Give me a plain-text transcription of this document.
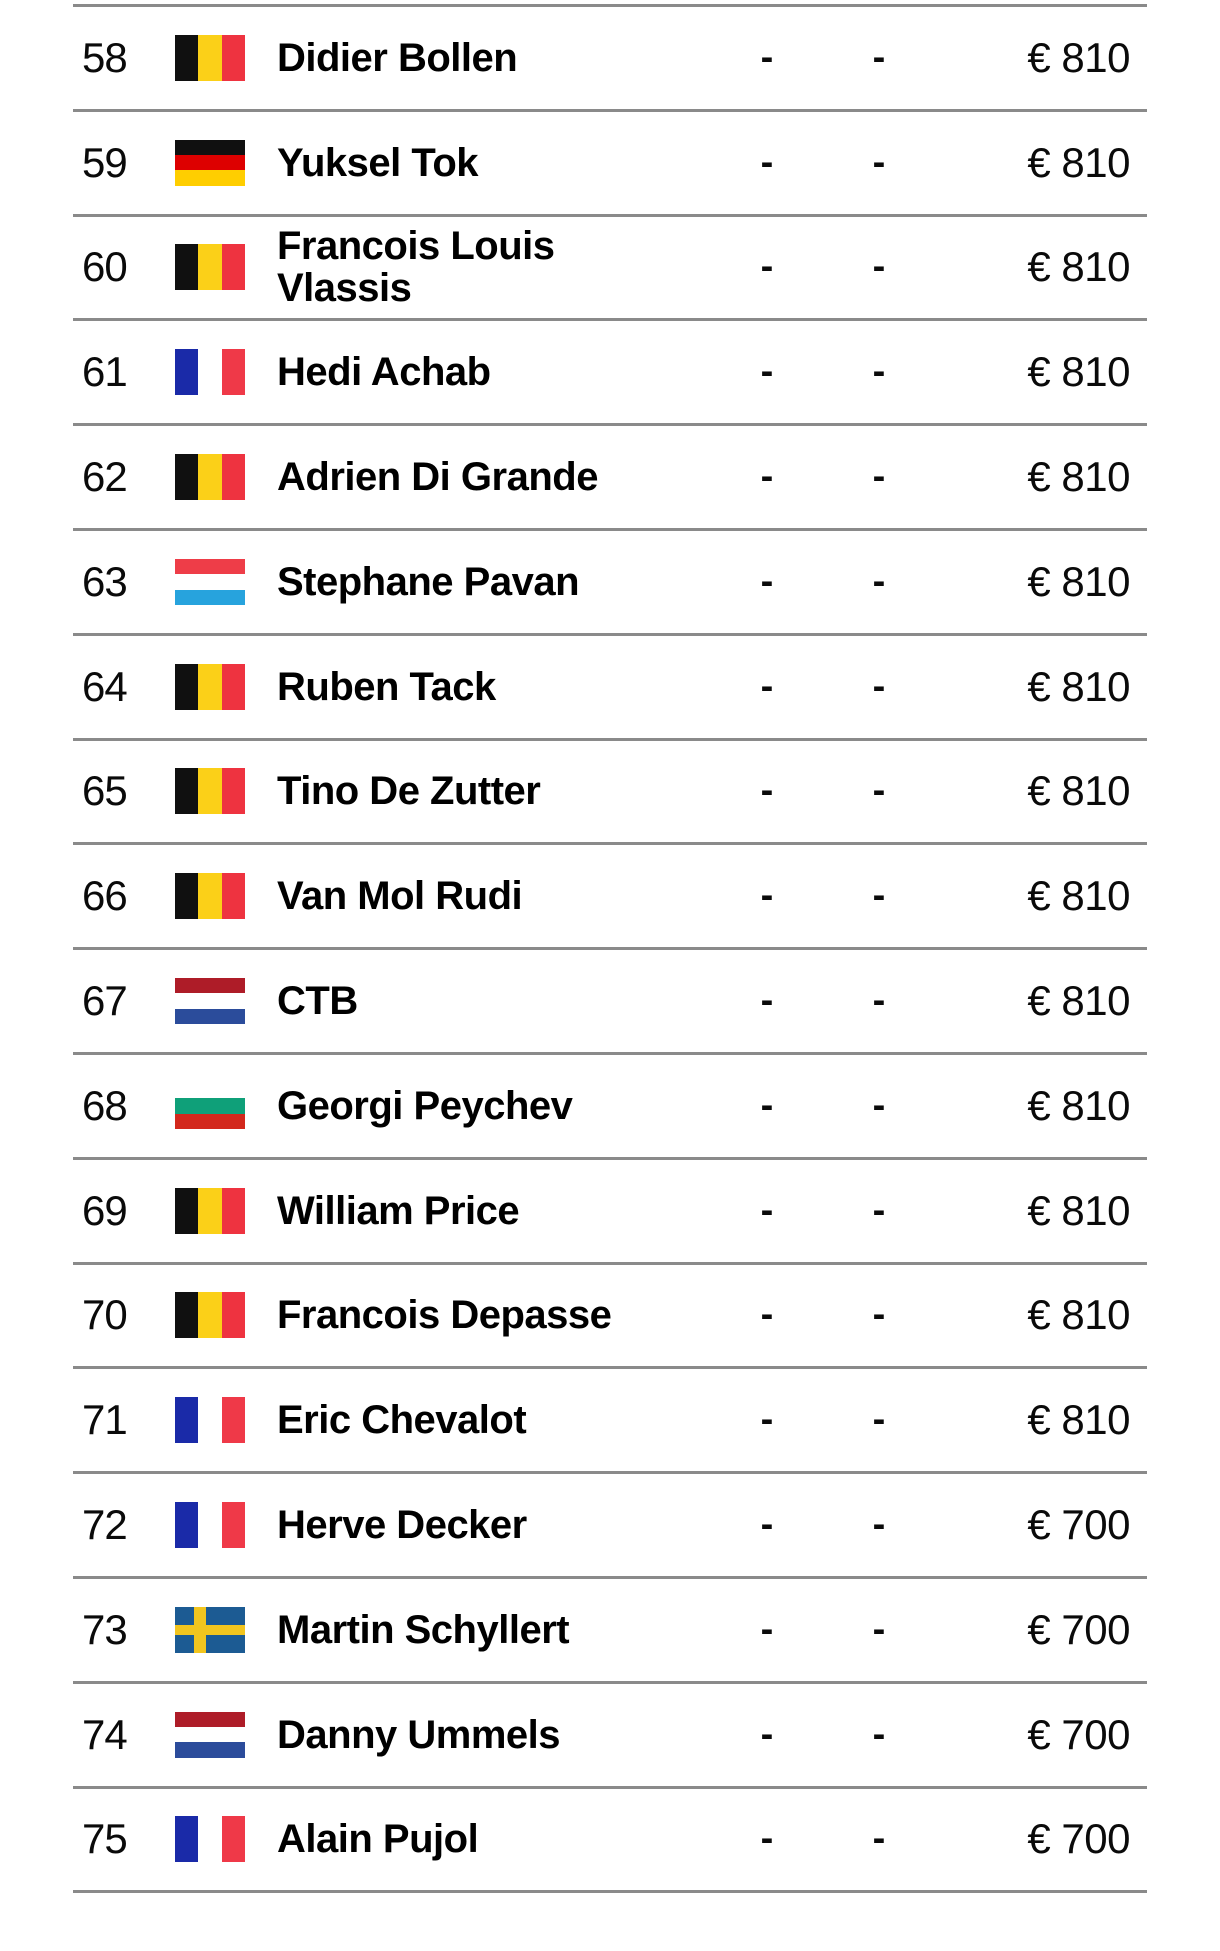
58	Didier Bollen	-	-	€ 810
59	Yuksel Tok	-	-	€ 810
60	Francois Louis Vlassis	-	-	€ 810
61	Hedi Achab	-	-	€ 810
62	Adrien Di Grande	-	-	€ 810
63	Stephane Pavan	-	-	€ 810
64	Ruben Tack	-	-	€ 810
65	Tino De Zutter	-	-	€ 810
66	Van Mol Rudi	-	-	€ 810
67	CTB	-	-	€ 810
68	Georgi Peychev	-	-	€ 810
69	William Price	-	-	€ 810
70	Francois Depasse	-	-	€ 810
71	Eric Chevalot	-	-	€ 810
72	Herve Decker	-	-	€ 700
73	Martin Schyllert	-	-	€ 700
74	Danny Ummels	-	-	€ 700
75	Alain Pujol	-	-	€ 700
